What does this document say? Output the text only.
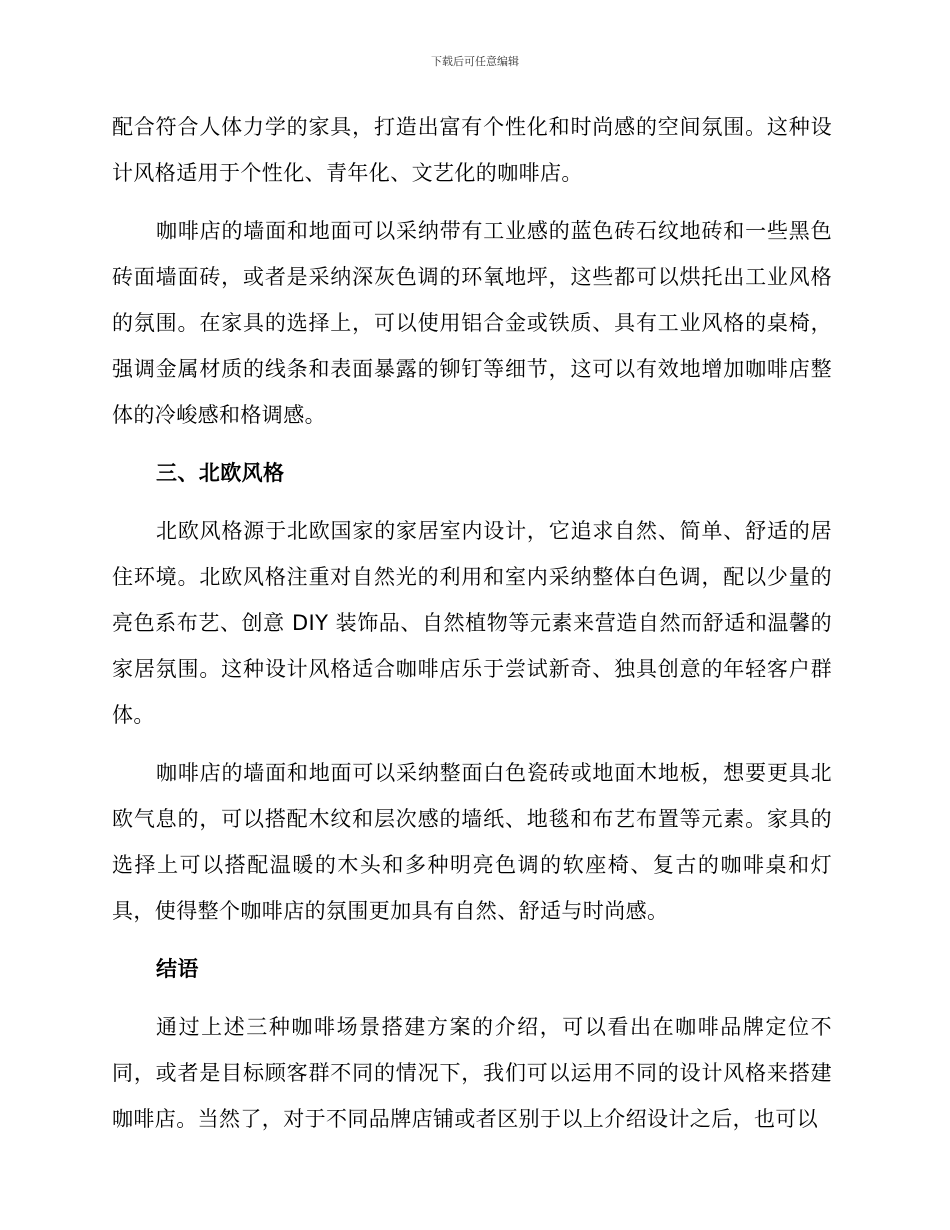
下载后可任意编辑

配合符合人体力学的家具，打造出富有个性化和时尚感的空间氛围。这种设计风格适用于个性化、青年化、文艺化的咖啡店。

咖啡店的墙面和地面可以采纳带有工业感的蓝色砖石纹地砖和一些黑色砖面墙面砖，或者是采纳深灰色调的环氧地坪，这些都可以烘托出工业风格的氛围。在家具的选择上，可以使用铝合金或铁质、具有工业风格的桌椅，强调金属材质的线条和表面暴露的铆钉等细节，这可以有效地增加咖啡店整体的冷峻感和格调感。

三、北欧风格

北欧风格源于北欧国家的家居室内设计，它追求自然、简单、舒适的居住环境。北欧风格注重对自然光的利用和室内采纳整体白色调，配以少量的亮色系布艺、创意 DIY 装饰品、自然植物等元素来营造自然而舒适和温馨的家居氛围。这种设计风格适合咖啡店乐于尝试新奇、独具创意的年轻客户群体。

咖啡店的墙面和地面可以采纳整面白色瓷砖或地面木地板，想要更具北欧气息的，可以搭配木纹和层次感的墙纸、地毯和布艺布置等元素。家具的选择上可以搭配温暖的木头和多种明亮色调的软座椅、复古的咖啡桌和灯具，使得整个咖啡店的氛围更加具有自然、舒适与时尚感。

结语

通过上述三种咖啡场景搭建方案的介绍，可以看出在咖啡品牌定位不同，或者是目标顾客群不同的情况下，我们可以运用不同的设计风格来搭建咖啡店。当然了，对于不同品牌店铺或者区别于以上介绍设计之后，也可以
